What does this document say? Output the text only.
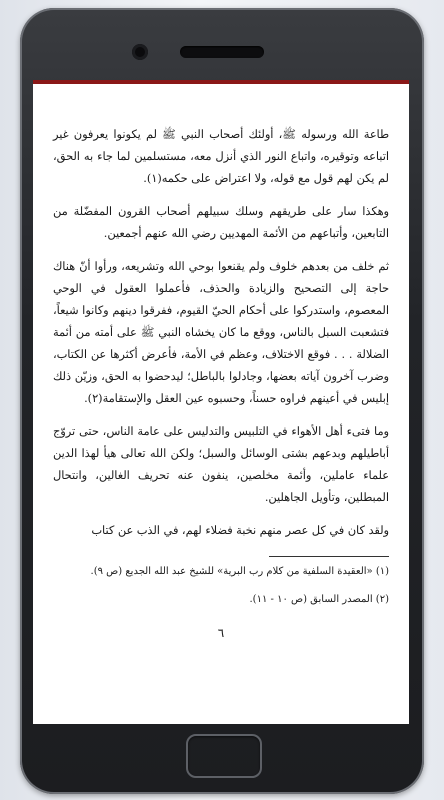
طاعة الله ورسوله ﷺ، أولئك أصحاب النبي ﷺ لم يكونوا يعرفون غير اتباعه وتوقيره، واتباع النور الذي أنزل معه، مستسلمين لما جاء به الحق، لم يكن لهم قول مع قوله، ولا اعتراض على حكمه(١).

وهكذا سار على طريقهم وسلك سبيلهم أصحاب القرون المفضّلة من التابعين، وأتباعهم من الأئمة المهديين رضي الله عنهم أجمعين.

ثم خلف من بعدهم خلوف ولم يقنعوا بوحي الله وتشريعه، ورأوا أنّ هناك حاجة إلى التصحيح والزيادة والحذف، فأعملوا العقول في الوحي المعصوم، واستدركوا على أحكام الحيّ القيوم، ففرقوا دينهم وكانوا شيعاً، فتشعبت السبل بالناس، ووقع ما كان يخشاه النبي ﷺ على أمته من أئمة الضلالة . . . فوقع الاختلاف، وعظم في الأمة، فأعرض أكثرها عن الكتاب، وضرب آخرون آياته بعضها، وجادلوا بالباطل؛ ليدحضوا به الحق، وزيّن ذلك إبليس في أعينهم فراوه حسناً، وحسبوه عين العقل والإستقامة(٢).

وما فتىء أهل الأهواء في التلبيس والتدليس على عامة الناس، حتى تروّج أباطيلهم وبدعهم بشتى الوسائل والسبل؛ ولكن الله تعالى هيأ لهذا الدين علماء عاملين، وأئمة مخلصين، ينفون عنه تحريف الغالين، وانتحال المبطلين، وتأويل الجاهلين.

ولقد كان في كل عصر منهم نخبة فضلاء لهم، في الذب عن كتاب

(١) «العقيدة السلفية من كلام رب البرية» للشيخ عبد الله الجديع (ص ٩).

(٢) المصدر السابق (ص ١٠ - ١١).

٦
